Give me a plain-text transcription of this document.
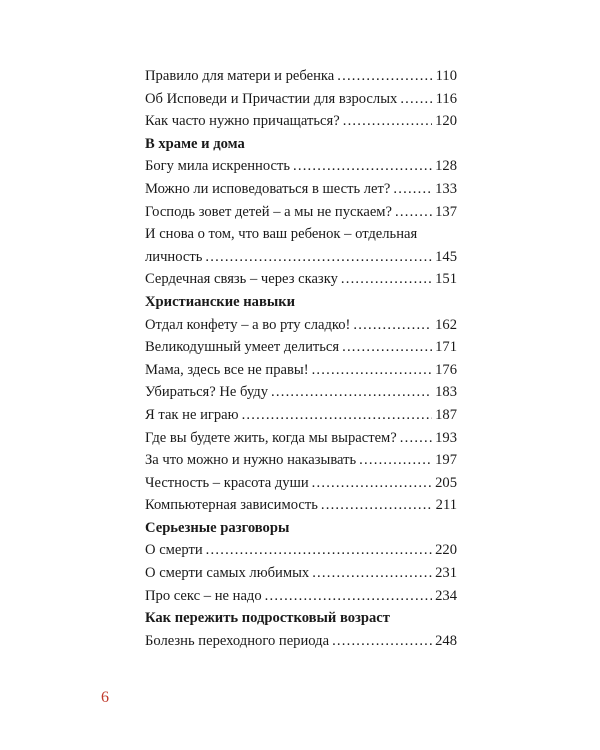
Правило для матери и ребенка .....	110
Об Исповеди и Причастии для взрослых .....	116
Как часто нужно причащаться? .....	120
В храме и дома
Богу мила искренность .....	128
Можно ли исповедоваться в шесть лет? .....	133
Господь зовет детей – а мы не пускаем? .....	137
И снова о том, что ваш ребенок – отдельная
личность .....	145
Сердечная связь – через сказку .....	151
Христианские навыки
Отдал конфету – а во рту сладко! .....	162
Великодушный умеет делиться .....	171
Мама, здесь все не правы! .....	176
Убираться? Не буду .....	183
Я так не играю .....	187
Где вы будете жить, когда мы вырастем? .....	193
За что можно и нужно наказывать .....	197
Честность – красота души .....	205
Компьютерная зависимость .....	211
Серьезные разговоры
О смерти .....	220
О смерти самых любимых .....	231
Про секс – не надо .....	234
Как пережить подростковый возраст
Болезнь переходного периода .....	248
6
